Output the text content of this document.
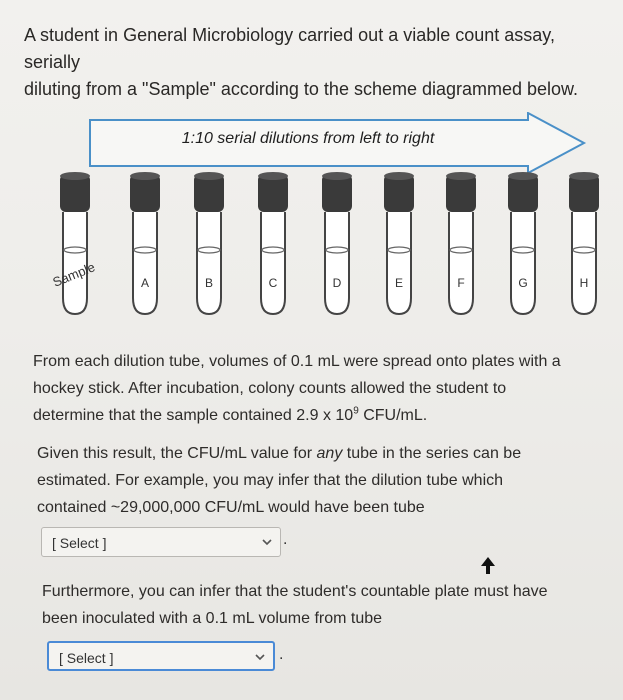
A student in General Microbiology carried out a viable count assay, serially
diluting from a "Sample" according to the scheme diagrammed below.
1:10 serial dilutions from left to right
Sample	A	B	C	D	E	F	G	H
From each dilution tube, volumes of 0.1 mL were spread onto plates with a
hockey stick. After incubation, colony counts allowed the student to
determine that the sample contained 2.9 x $10^9$ CFU/mL.
Given this result, the CFU/mL value for any tube in the series can be
estimated. For example, you may infer that the dilution tube which
contained ~29,000,000 CFU/mL would have been tube
[ Select ]	.
Furthermore, you can infer that the student's countable plate must have
been inoculated with a 0.1 mL volume from tube
[ Select ]	.
